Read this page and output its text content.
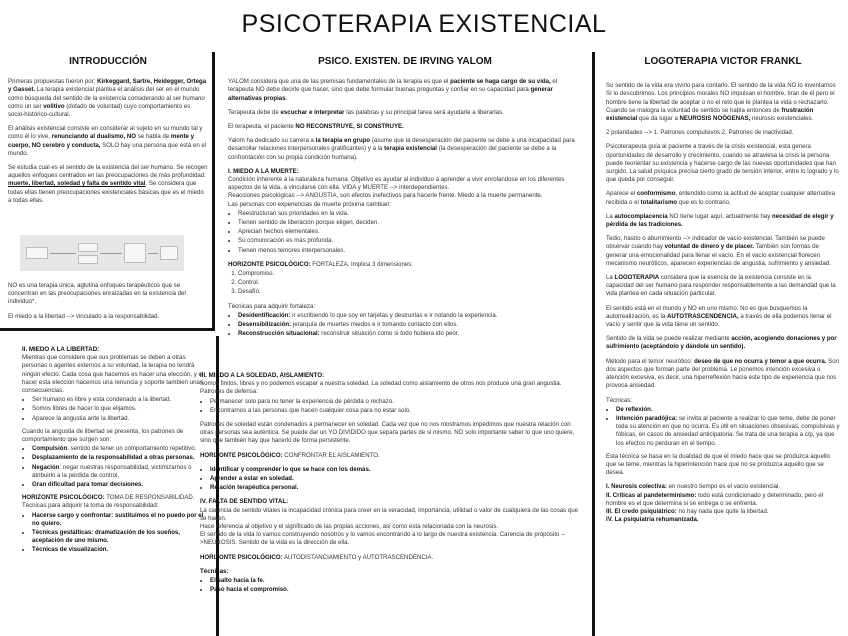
PSICOTERAPIA EXISTENCIAL
INTRODUCCIÓN

Primeras propuestas fueron por: Kirkeggard, Sartre, Heidegger, Ortega y Gasset. La terapia existencial plantea el análisis del ser en el mundo como búsqueda del sentido de la existencia considerando al ser humano como un ser volitivo (dotado de voluntad) cuyo comportamiento es socio-histórico-cultural.

El análisis existencial consiste en considerar al sujeto en su mundo tal y como él lo vive, renunciando al dualismo, NO se habla de mente y cuerpo, NO cerebro y conducta, SOLO hay una persona que está en el mundo.

Se estudia cual es el sentido de la existencia del ser humano. Se recogen aquellos enfoques centrados en las preocupaciones de más profundidad: muerte, libertad, soledad y falta de sentido vital. Se considera que todas ellas tienen preocupaciones existenciales básicas que es el miedo a todas ellas.

NO es una terapia única, aglutina enfoques terapéuticos que se concentran en las preocupaciones enraizadas en la existencia del individuo*.

El miedo a la libertad --> vinculado a la responsabilidad.

II. MIEDO A LA LIBERTAD:

Mientras que considere que sus problemas se deben a otras personas o agentes externos a su voluntad, la terapia no tendrá ningún efecto. Cada cosa que hacemos es hacer una elección, y el hacer esta elección hacemos una renuncia y soporte tambien unas consecuencias.

• Ser humano es libre y esta condenado a la libertad.
• Somos libres de hacer lo que elijamos.
• Aparece la angustia ante la libertad.

Cuando la angustia de libertad se presenta, los patrones de comportamiento que surgen son:

• Compulsión: sentido de tener un comportamiento repetitivo.
• Desplazamiento de la responsabilidad a otras personas.
• Negación: negar nuestras responsabilidad, victimizarnos o atribuirlo a la pérdida de control.
• Gran dificultad para tomar decisiones.

HORIZONTE PSICOLÓGICO: TOMA DE RESPONSABILIDAD.

Técnicas para adquirir la toma de responsabilidad:

• Hacerse cargo y confrontar: sustituimos el no puedo por el no quiero.
• Técnicas gestálticas: dramatización de los sueños, aceptación de uno mismo.
• Técnicas de visualización.
PSICO. EXISTEN. DE IRVING YALOM

YALOM considera que una de las premisas fundamentales de la terapia es que el paciente se haga cargo de su vida, el terapeuta NO debe decirle que hacer, sino que debe formular buenas preguntas y confiar en su capacidad para generar alternativas propias.

Terapeuta debe de escuchar e interpretar las palabras y su principal tarea será ayudarle a liberarlas.

El terapeuta, el paciente NO RECONSTRUYE, SI CONSTRUYE.

Yalom ha dedicado su carrera a la terapia en grupo (asume que la desesperación del paciente se debe a una incapacidad para desarrollar relaciones interpersonales gratificantes) y a la terapia existencial (la desesperación del paciente se debe a la confrontación con su propia condición humana).

I. MIEDO A LA MUERTE:

Condición inherente a la naturaleza humana. Objetivo es ayudar al individuo a aprender a vivir enrolandose en los diferentes aspectos de la vida, a vincularse con ella. VIDA y MUERTE --> interdependientes.

Reacciones psicológicas --> ANGUSTIA, son efectos inefectivos para hacerle frente. Miedo a la muerte permanente.

Las personas con experiencias de muerte próxima cambian:

• Reestructuran sus prioridades en la vida.
• Tienen sentido de liberación porque eligen, deciden.
• Aprecian hechos elementales.
• Su comunicación es más profunda.
• Tienen menos temores interpersonales.

HORIZONTE PSICOLÓGICO: FORTALEZA. Implica 3 dimensiones:

1. Compromiso.
2. Control.
3. Desafío.

Técnicas para adquirir fortaleza:

• Desidentificación: ir escribiendo lo que soy en tarjetas y destruirlas e ir notando la experiencia.
• Desensibilización: jerarquía de muertes miedos e ir tomando contacto con ellos.
• Reconstrucción situacional: reconstruir situación como si todo hubiera ido peor.
III. MIEDO A LA SOLEDAD, AISLAMIENTO:

Somos finitos, libres y no podemos escapar a nuestra soledad. La soledad como aislamiento de otros nos produce una gran angustia.

Patrones de defensa:

• Permanecer solo para no tener la experiencia de pérdida o rechazo.
• Encontrarnos a las personas que hacen cualquier cosa para no estar solo.

Patrones de soledad están condenados a permanecer en soledad. Cada vez que no nos mostramos impedimos que nuestra relación con otras personas sea auténtica. Se puede dar un YO DIVIDIDO que separa partes de si mismo. NO solo importante saber lo que uno quiere, sino que también hay que hacerlo de forma persistente.

HORIZONTE PSICOLÓGICO: CONFRONTAR EL AISLAMIENTO.

• Identificar y comprender lo que se hace con los demás.
• Aprender a estar en soledad.
• Relación terapéutica personal.
IV. FALTA DE SENTIDO VITAL:

La carencia de sentido vitales la incapacidad crónica para creer en la veracidad, importancia, utilidad o valor de cualquiera de las cosas que se hacen.

Hace referencia al objetivo y el significado de las propias acciones, así como esta relacionada con la neurosis.

El sentido de la vida lo vamos construyendo nosotros y lo vamos encontrando a lo largo de nuestra existencia. Carencia de propósito -->NEUROSIS. Sentido de la vida es la dirección de ella.

HORIZONTE PSICOLÓGICO: AUTODISTANCIAMIENTO y AUTOTRASCENDENCIA.

Técnicas:
• El salto hacia la fe.
• Paso hacia el compromiso.
LOGOTERAPIA VICTOR FRANKL

Su sentido de la vida era vivirlo para contarlo. El sentido de la vida NO lo inventamos SI lo descubrimos. Los principios morales NO impulsan el hombre, tiran de él pero el hombre tiene la libertad de aceptar o no el reto que le plantea la vida o rechazarlo.

Cuando se malogra la voluntad de sentido se habla entonces de frustración existencial que da lugar a NEUROSIS NOÓGENAS, neurosis existenciales.

2 polaridades --> 1. Patrones compulsivos 2. Patrones de inactividad.

Psicoterapeuta guía al paciente a través de la crisis existencial, esta genera oportunidades de desarrollo y crecimiento, cuando se atraviesa la crisis la persona puede reorientar su existencia y hacerse cargo de las nuevas oportunidades que han surgido. La salud psíquica precisa cierto grado de tensión interior, entre lo logrado y lo que queda por conseguir.

Aparece el conformismo, entendido como la actitud de aceptar cualquier alternativa recibida o el totalitarismo que es lo contrario.

La autocomplacencia NO tiene lugar aquí, actualmente hay necesidad de elegir y pérdida de las tradiciones.

Tedio, hastío o aburrimiento --> indicador de vacío existencial. También se puede observar cuando hay voluntad de dinero y de placer. También son formas de generar una emocionalidad para llenar el vacío. En el vacío existencial florecen mecanismo neuróticos, aparecen experiencias de angustia, sufrimiento y ansiedad.

La LOGOTERAPIA considera que la esencia de la existencia consiste en la capacidad del ser humano para responder responsablemente a las demandad que la vida plantea en cada situación particular.

El sentido está en el mundo y NO en uno mismo. No es que busquemos la autorrealización, es la AUTOTRASCENDENCIA, a través de ella podemos llenar el vacío y sentir que la vida tiene un sentido.

Sentido de la vida se puede realizar mediante acción, acogiendo donaciones y por sufrimiento (aceptándolo y dándole un sentido).

Método para el temor neurótico: deseo de que no ocurra y temor a que ocurra. Son dos aspectos que forman parte del problema. Le ponemos intención excesiva o atención excesiva, es decir, una hiperreflexión hacia este tipo de experiencia que nos provoca ansiedad.

Técnicas:

• De reflexión.
• Intención paradójica: se invita al paciente a realizar lo que teme, debe de poner toda su atención en que no ocurra. Es útil en situaciones obsesivas, compulsivas y fóbicas, en casos de ansiedad anticipatoria. Se trata de una terapia a c/p, ya que los efectos no perduran en el tiempo.

Esta técnica se basa en la dualidad de que el miedo hace que se produzca aquello que se teme, mientras la hiperintención hace que no se produzca aquello que se desea.

I. Neurosis colectiva: en nuestro tiempo es el vacío existencial.
II. Críticas al pandeterminismo: todo está condicionado y determinado, pero el hombre es el que determina si se entrega o se enfrenta.
III. El credo psiquiátrico: no hay nada que quite la libertad.
IV. La psiquiatría rehumanizada.
